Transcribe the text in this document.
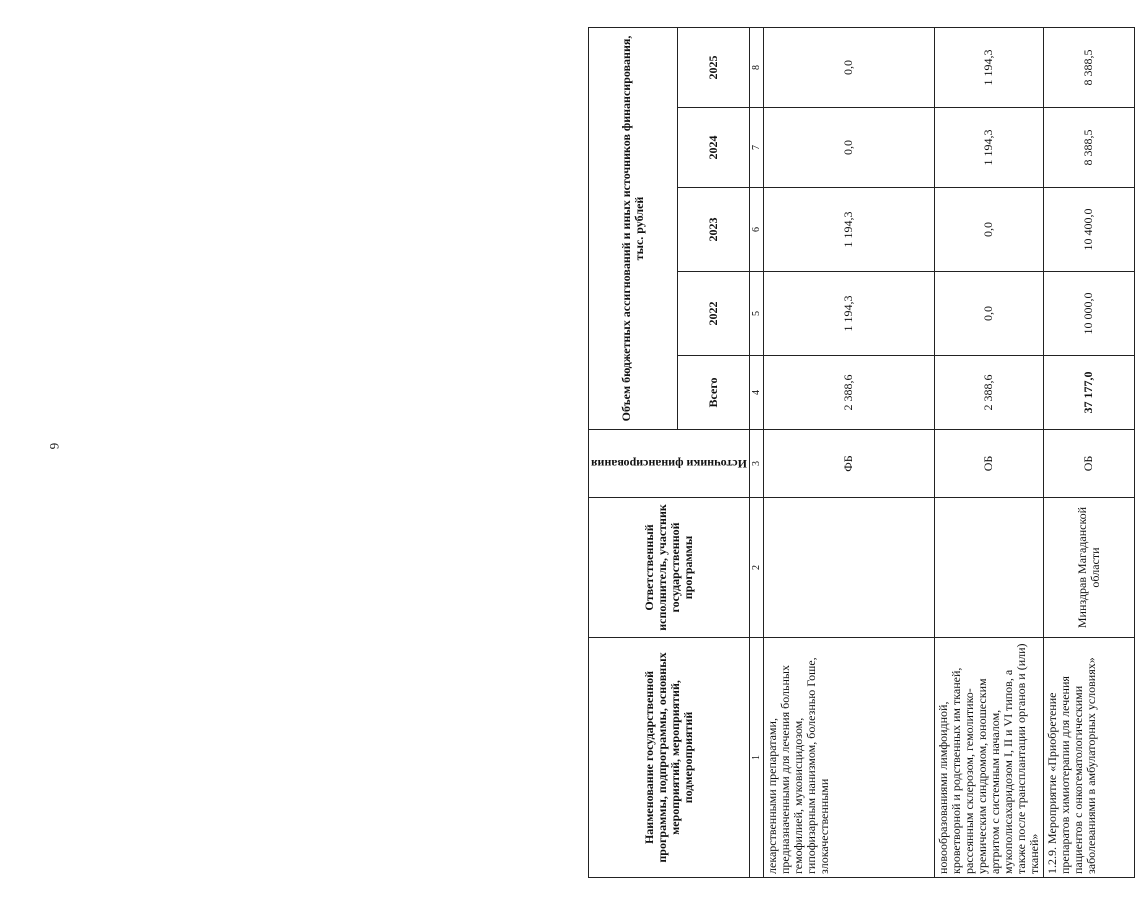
6
Наименование государственной программы, подпрограммы, основных мероприятий, мероприятий, подмероприятий	Ответственный исполнитель, участник государственной программы	Источники финансирования	Объем бюджетных ассигнований и иных источников финансирования, тыс. рублей				
			Всего	2022	2023	2024	2025
1	2	3	4	5	6	7	8
лекарственными препаратами, предназначенными для лечения больных гемофилией, муковисцидозом, гипофизарным нанизмом, болезнью Гоше, злокачественными		ФБ	2 388,6	1 194,3	1 194,3	0,0	0,0
новообразованиями лимфоидной, кроветворной и родственных им тканей, рассеянным склерозом, гемолитико-уремическим синдромом, юношеским артритом с системным началом, мукополисахаридозом I, II и VI типов, а также после трансплантации органов и (или) тканей»		ОБ	2 388,6	0,0	0,0	1 194,3	1 194,3
1.2.9. Мероприятие «Приобретение препаратов химиотерапии для лечения пациентов с онкогематологическими заболеваниями в амбулаторных условиях»	Минздрав Магаданской области	ОБ	37 177,0	10 000,0	10 400,0	8 388,5	8 388,5
